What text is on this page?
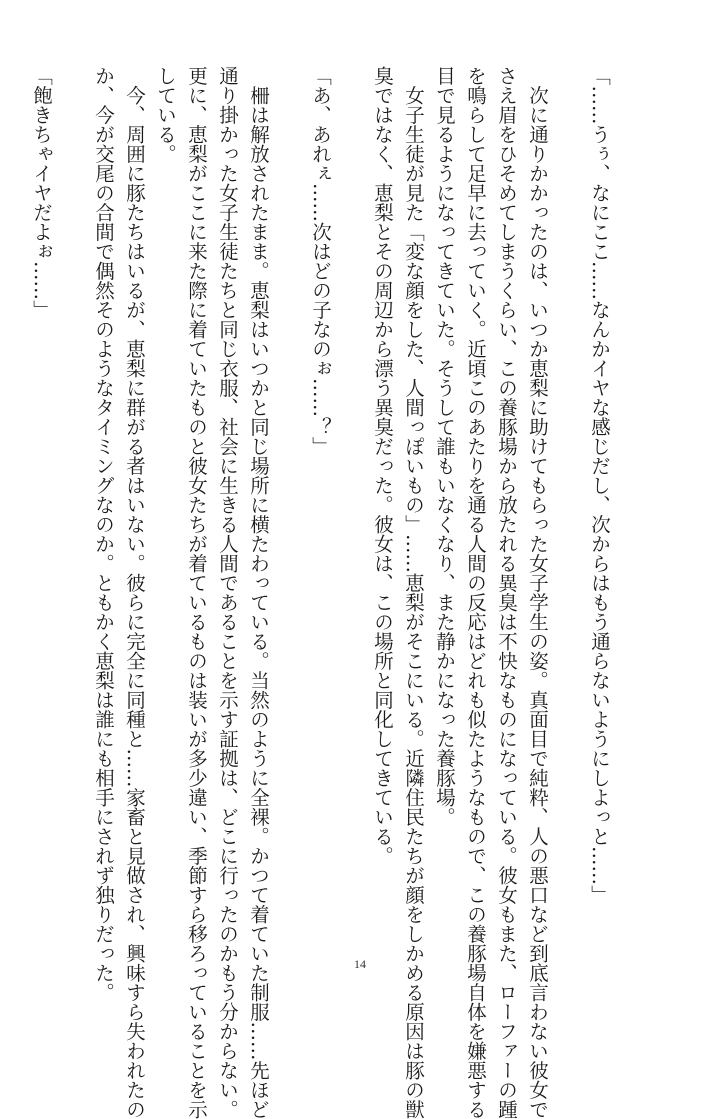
「……うぅ、なにここ……なんかイヤな感じだし、次からはもう通らないようにしよっと……」
　次に通りかかったのは、いつか恵梨に助けてもらった女子学生の姿。真面目で純粋、人の悪口など到底言わない彼女で
さえ眉をひそめてしまうくらい、この養豚場から放たれる異臭は不快なものになっている。彼女もまた、ローファーの踵
を鳴らして足早に去っていく。近頃このあたりを通る人間の反応はどれも似たようなもので、この養豚場自体を嫌悪する
目で見るようになってきていた。そうして誰もいなくなり、また静かになった養豚場。
　女子生徒が見た「変な顔をした、人間っぽいもの」……恵梨がそこにいる。近隣住民たちが顔をしかめる原因は豚の獣
臭ではなく、恵梨とその周辺から漂う異臭だった。彼女は、この場所と同化してきている。
「あ、あれぇ……次はどの子なのぉ……？」
　柵は解放されたまま。恵梨はいつかと同じ場所に横たわっている。当然のように全裸。かつて着ていた制服……先ほど
通り掛かった女子生徒たちと同じ衣服、社会に生きる人間であることを示す証拠は、どこに行ったのかもう分からない。
更に、恵梨がここに来た際に着ていたものと彼女たちが着ているものは装いが多少違い、季節すら移ろっていることを示
している。
　今、周囲に豚たちはいるが、恵梨に群がる者はいない。彼らに完全に同種と……家畜と見做され、興味すら失われたの
か、今が交尾の合間で偶然そのようなタイミングなのか。ともかく恵梨は誰にも相手にされず独りだった。
「飽きちゃイヤだよぉ……」
14
